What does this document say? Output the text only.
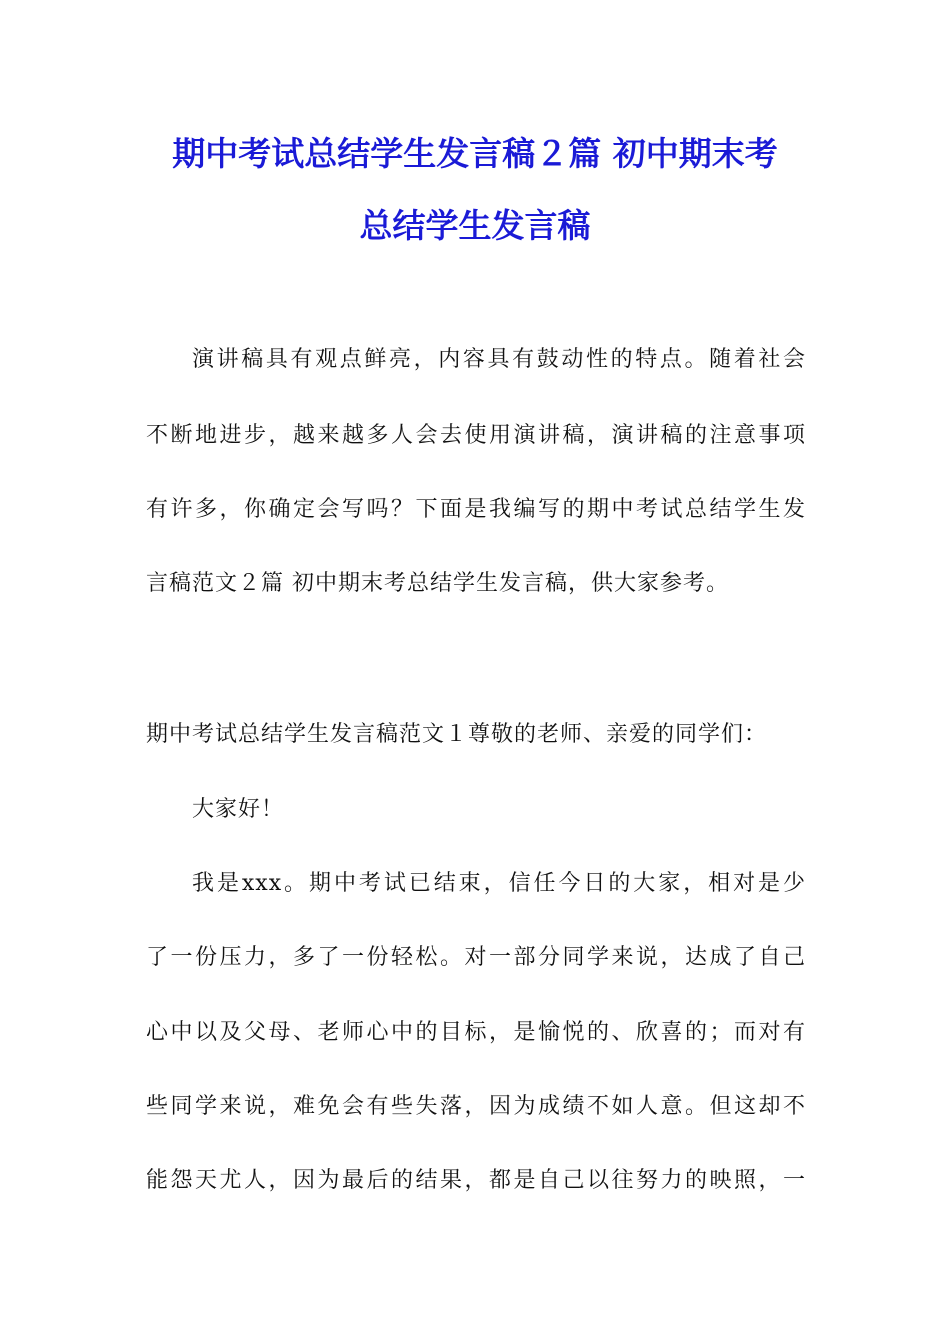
期中考试总结学生发言稿２篇 初中期末考
总结学生发言稿
演讲稿具有观点鲜亮，内容具有鼓动性的特点。随着社会
不断地进步，越来越多人会去使用演讲稿，演讲稿的注意事项
有许多，你确定会写吗？下面是我编写的期中考试总结学生发
言稿范文２篇 初中期末考总结学生发言稿，供大家参考。
期中考试总结学生发言稿范文１尊敬的老师、亲爱的同学们：
大家好！
我是xxx。期中考试已结束，信任今日的大家，相对是少
了一份压力，多了一份轻松。对一部分同学来说，达成了自己
心中以及父母、老师心中的目标，是愉悦的、欣喜的；而对有
些同学来说，难免会有些失落，因为成绩不如人意。但这却不
能怨天尤人，因为最后的结果，都是自己以往努力的映照，一
